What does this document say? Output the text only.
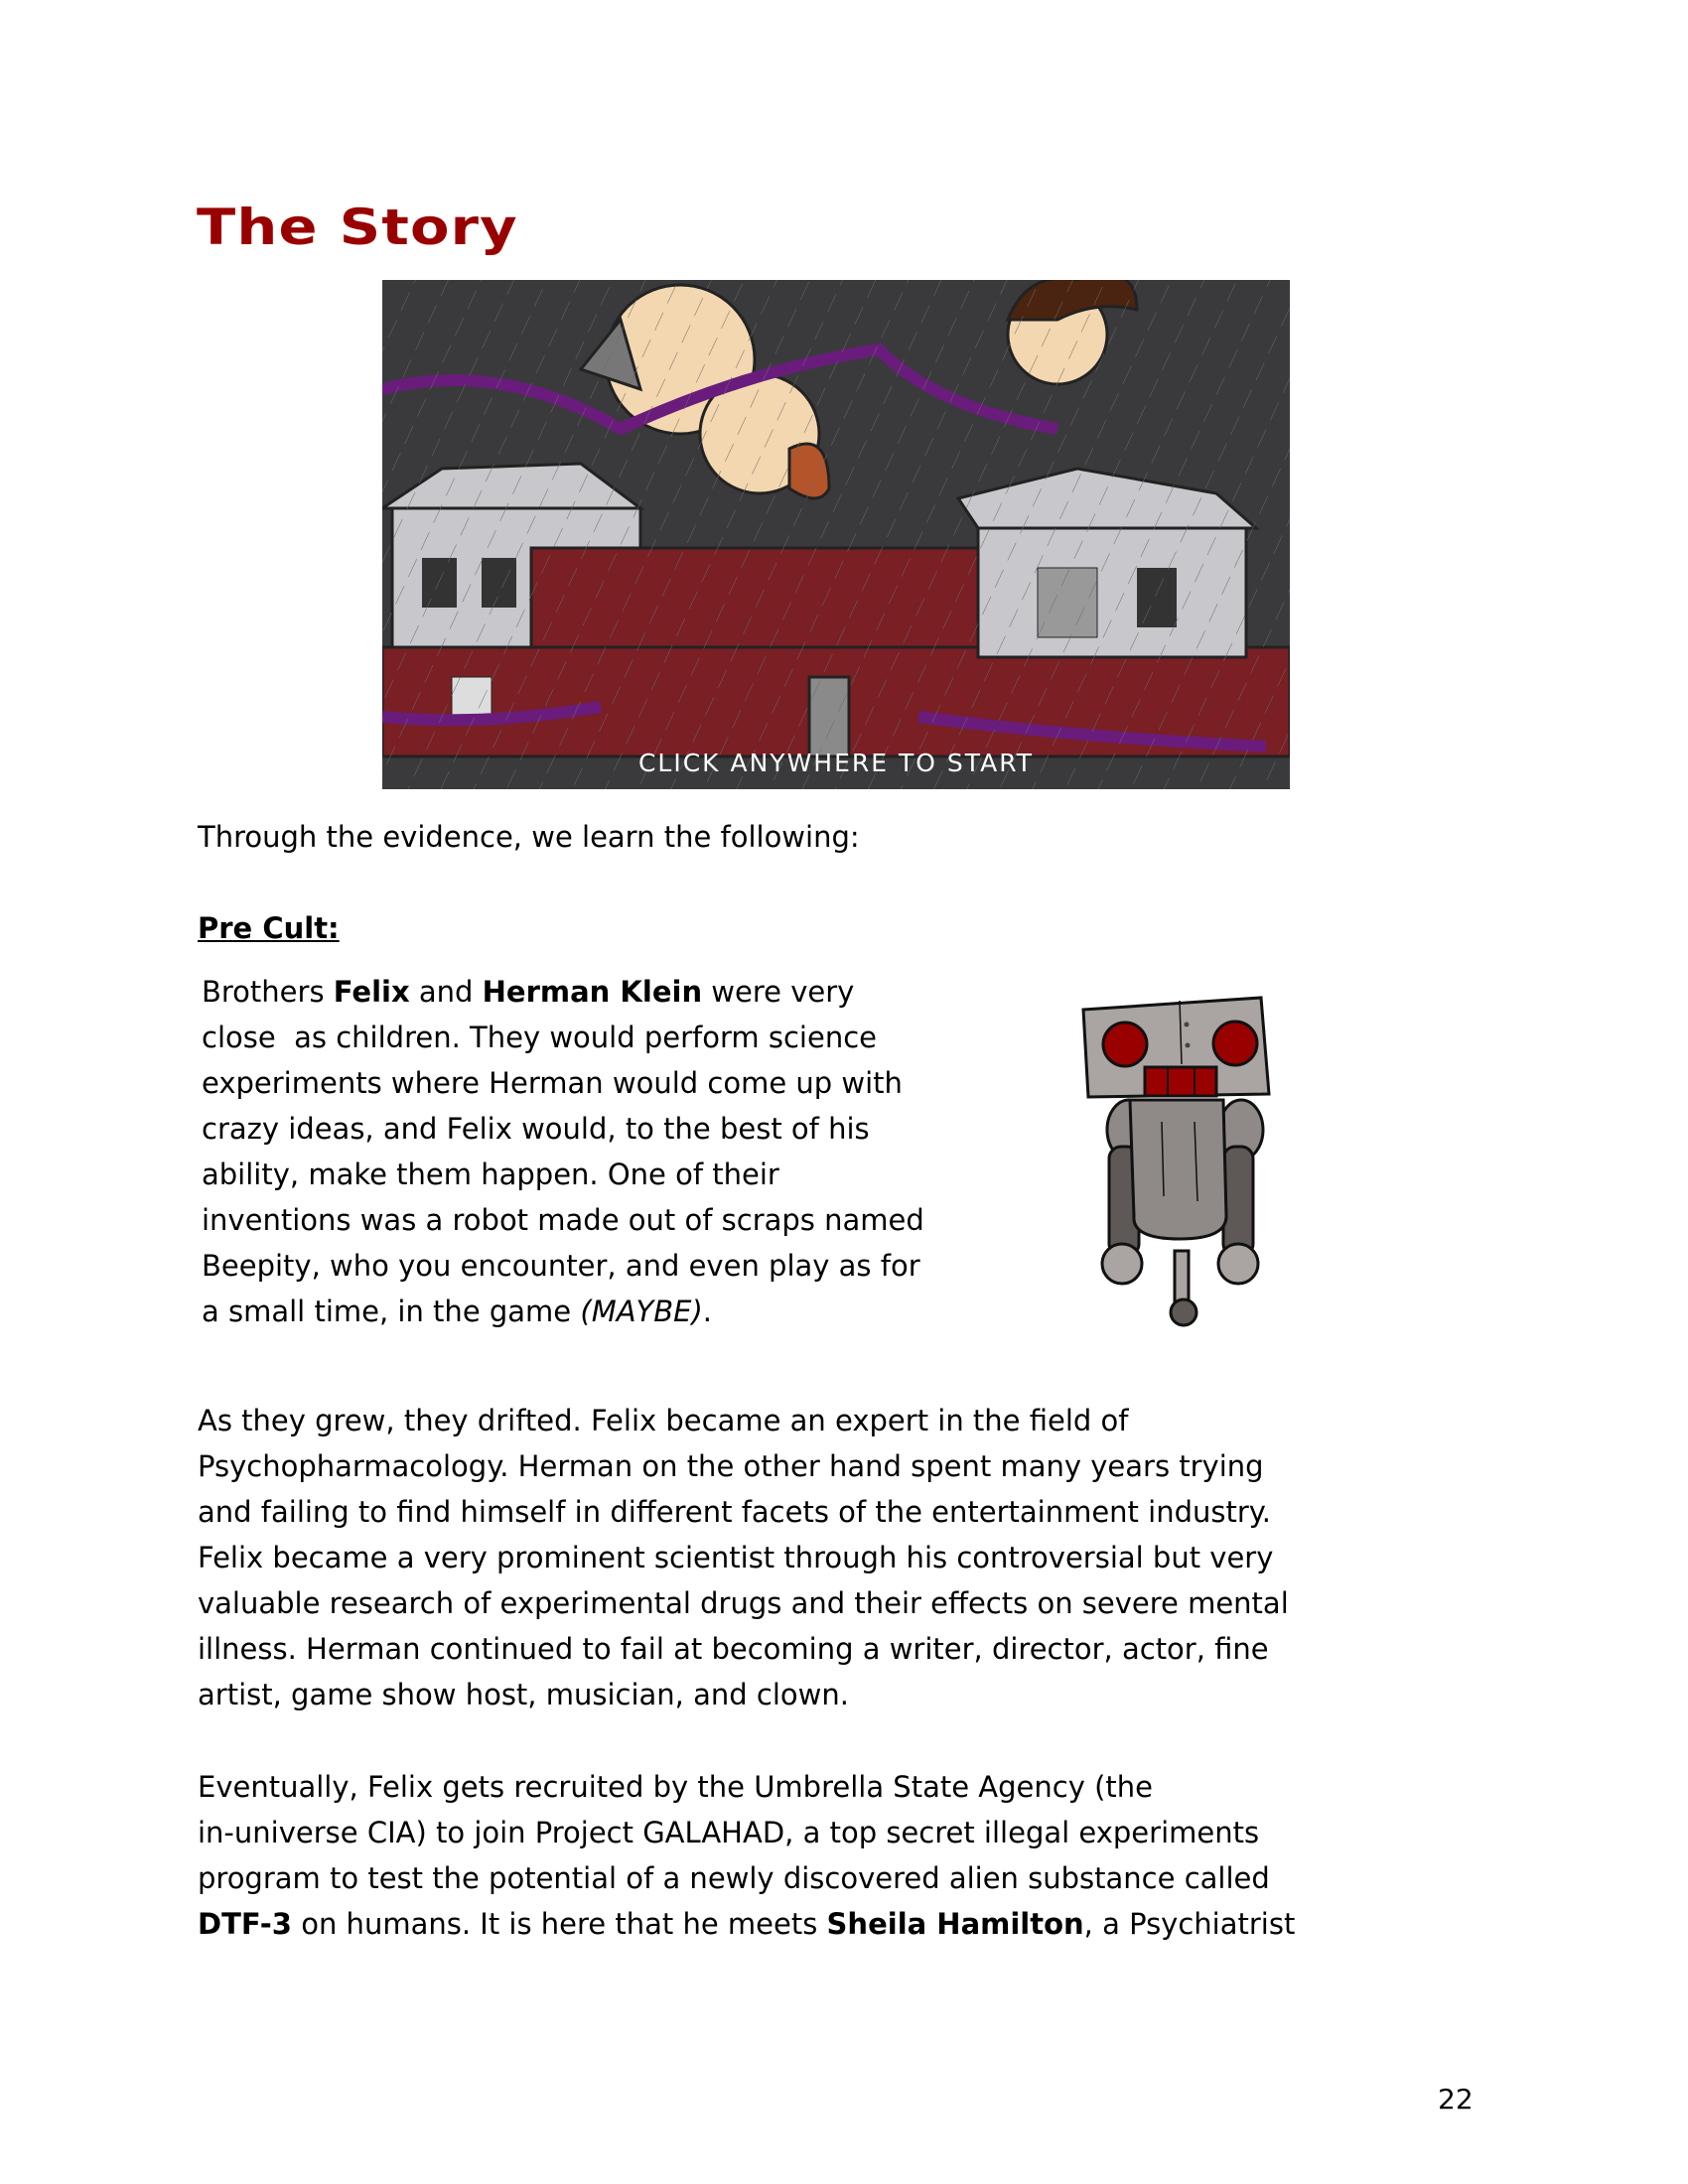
The Story
CLICK ANYWHERE TO START
Through the evidence, we learn the following:
Pre Cult:
Brothers Felix and Herman Klein were very
close  as children. They would perform science
experiments where Herman would come up with
crazy ideas, and Felix would, to the best of his
ability, make them happen. One of their
inventions was a robot made out of scraps named
Beepity, who you encounter, and even play as for
a small time, in the game (MAYBE).
As they grew, they drifted. Felix became an expert in the field of
Psychopharmacology. Herman on the other hand spent many years trying
and failing to find himself in different facets of the entertainment industry.
Felix became a very prominent scientist through his controversial but very
valuable research of experimental drugs and their effects on severe mental
illness. Herman continued to fail at becoming a writer, director, actor, fine
artist, game show host, musician, and clown.
Eventually, Felix gets recruited by the Umbrella State Agency (the
in-universe CIA) to join Project GALAHAD, a top secret illegal experiments
program to test the potential of a newly discovered alien substance called
DTF-3 on humans. It is here that he meets Sheila Hamilton, a Psychiatrist
22
